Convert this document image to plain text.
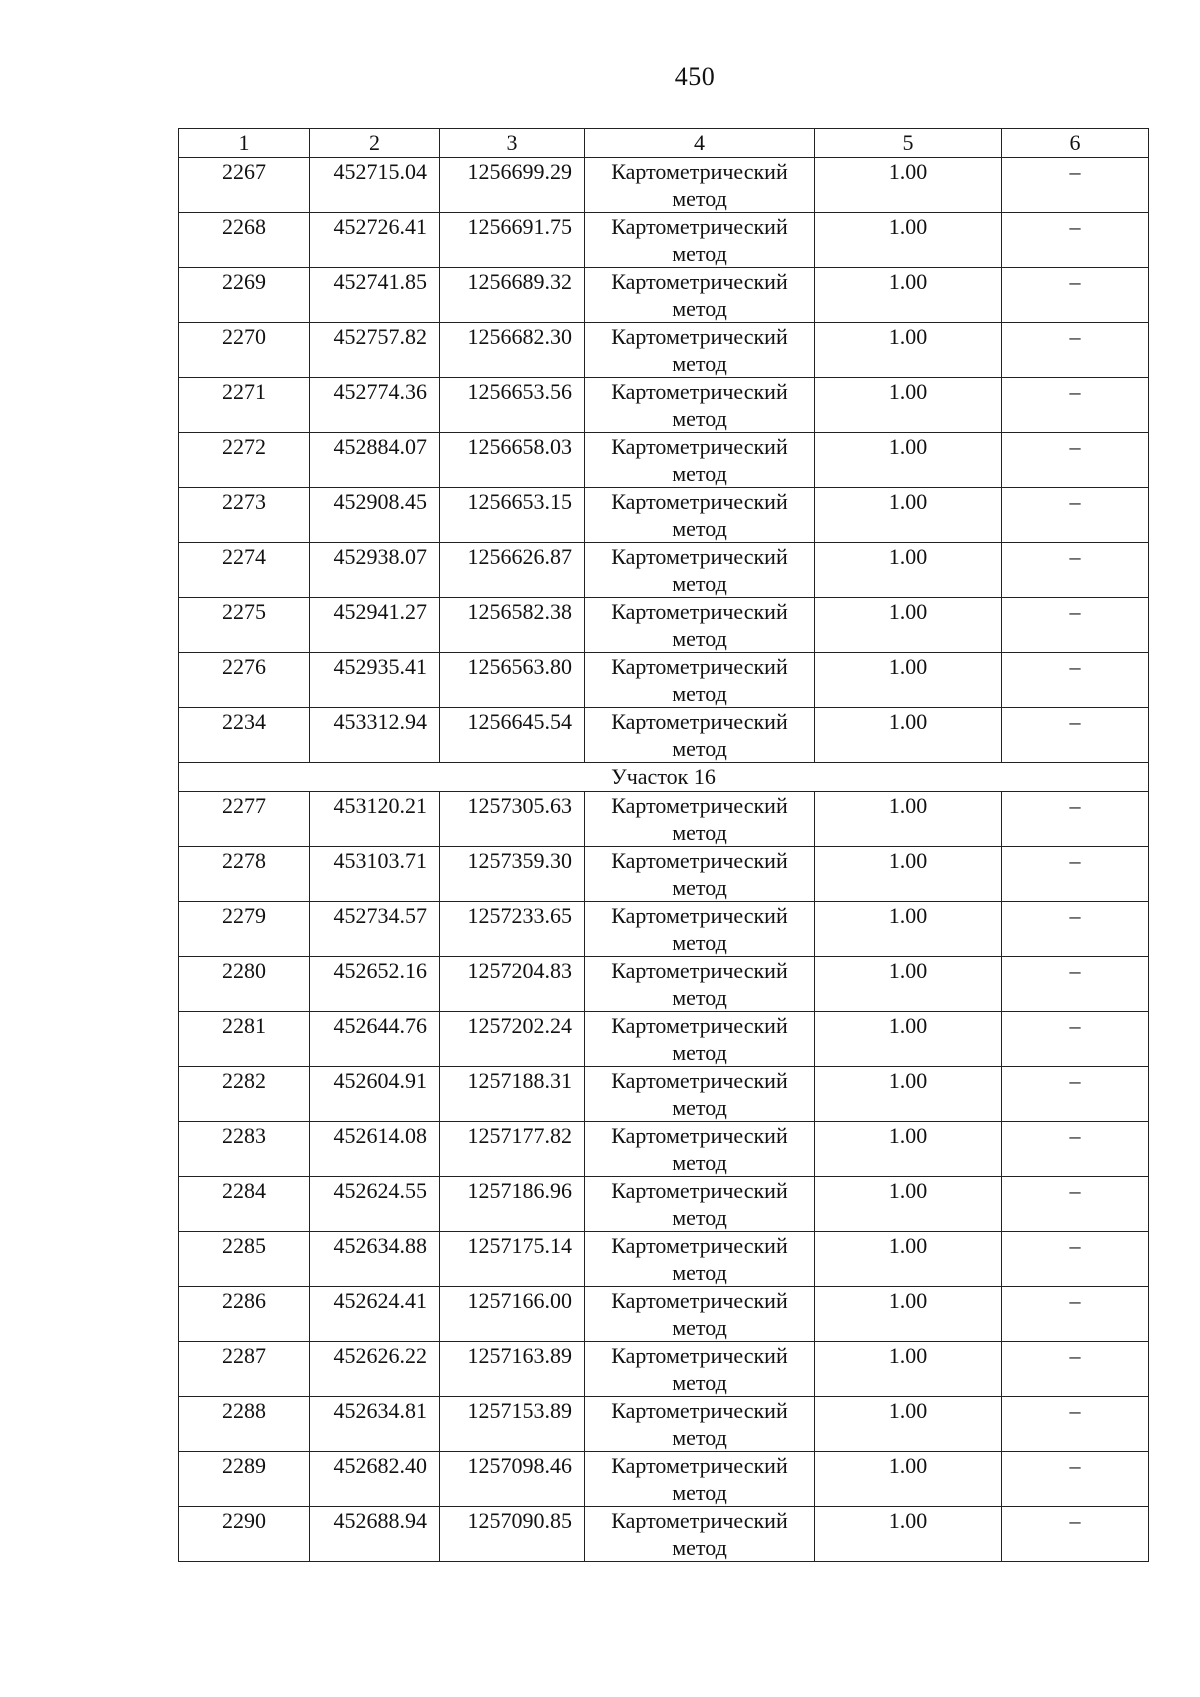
450
1	2	3	4	5	6
2267	452715.04	1256699.29	Картометрический метод	1.00	–
2268	452726.41	1256691.75	Картометрический метод	1.00	–
2269	452741.85	1256689.32	Картометрический метод	1.00	–
2270	452757.82	1256682.30	Картометрический метод	1.00	–
2271	452774.36	1256653.56	Картометрический метод	1.00	–
2272	452884.07	1256658.03	Картометрический метод	1.00	–
2273	452908.45	1256653.15	Картометрический метод	1.00	–
2274	452938.07	1256626.87	Картометрический метод	1.00	–
2275	452941.27	1256582.38	Картометрический метод	1.00	–
2276	452935.41	1256563.80	Картометрический метод	1.00	–
2234	453312.94	1256645.54	Картометрический метод	1.00	–
Участок 16					
2277	453120.21	1257305.63	Картометрический метод	1.00	–
2278	453103.71	1257359.30	Картометрический метод	1.00	–
2279	452734.57	1257233.65	Картометрический метод	1.00	–
2280	452652.16	1257204.83	Картометрический метод	1.00	–
2281	452644.76	1257202.24	Картометрический метод	1.00	–
2282	452604.91	1257188.31	Картометрический метод	1.00	–
2283	452614.08	1257177.82	Картометрический метод	1.00	–
2284	452624.55	1257186.96	Картометрический метод	1.00	–
2285	452634.88	1257175.14	Картометрический метод	1.00	–
2286	452624.41	1257166.00	Картометрический метод	1.00	–
2287	452626.22	1257163.89	Картометрический метод	1.00	–
2288	452634.81	1257153.89	Картометрический метод	1.00	–
2289	452682.40	1257098.46	Картометрический метод	1.00	–
2290	452688.94	1257090.85	Картометрический метод	1.00	–
